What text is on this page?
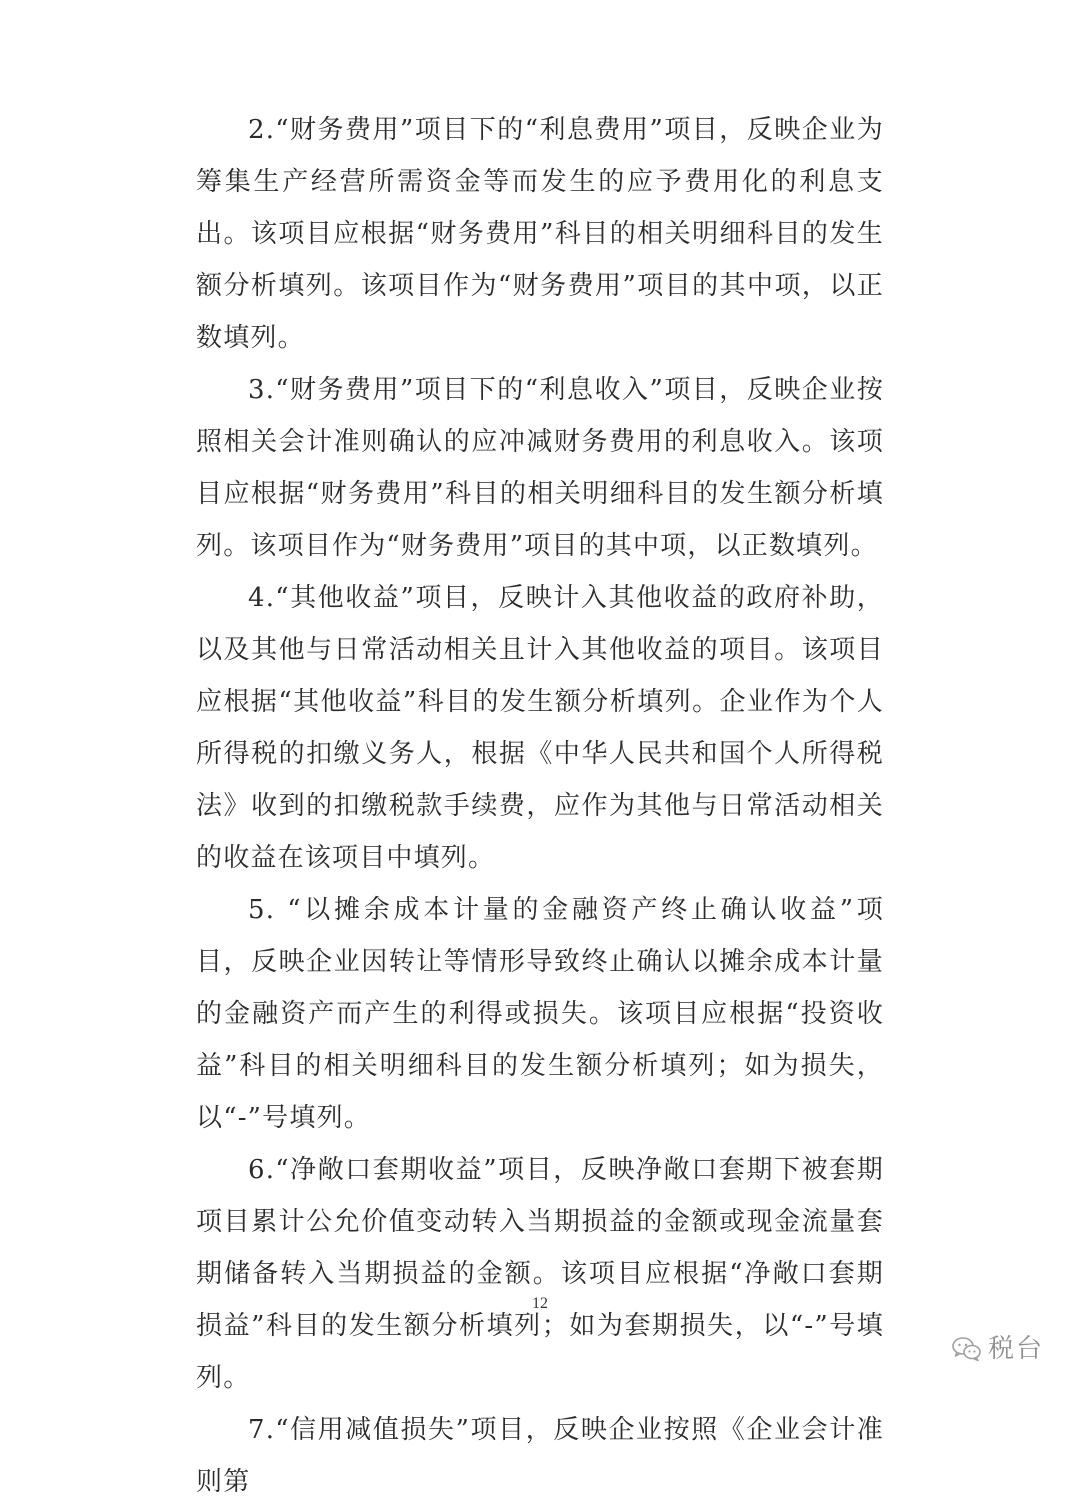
2.“财务费用”项目下的“利息费用”项目，反映企业为筹集生产经营所需资金等而发生的应予费用化的利息支出。该项目应根据“财务费用”科目的相关明细科目的发生额分析填列。该项目作为“财务费用”项目的其中项，以正数填列。

3.“财务费用”项目下的“利息收入”项目，反映企业按照相关会计准则确认的应冲减财务费用的利息收入。该项目应根据“财务费用”科目的相关明细科目的发生额分析填列。该项目作为“财务费用”项目的其中项，以正数填列。

4.“其他收益”项目，反映计入其他收益的政府补助，以及其他与日常活动相关且计入其他收益的项目。该项目应根据“其他收益”科目的发生额分析填列。企业作为个人所得税的扣缴义务人，根据《中华人民共和国个人所得税法》收到的扣缴税款手续费，应作为其他与日常活动相关的收益在该项目中填列。

5. “以摊余成本计量的金融资产终止确认收益”项目，反映企业因转让等情形导致终止确认以摊余成本计量的金融资产而产生的利得或损失。该项目应根据“投资收益”科目的相关明细科目的发生额分析填列；如为损失，以“-”号填列。

6.“净敞口套期收益”项目，反映净敞口套期下被套期项目累计公允价值变动转入当期损益的金额或现金流量套期储备转入当期损益的金额。该项目应根据“净敞口套期损益”科目的发生额分析填列；如为套期损失，以“-”号填列。

7.“信用减值损失”项目，反映企业按照《企业会计准则第

12
税台
